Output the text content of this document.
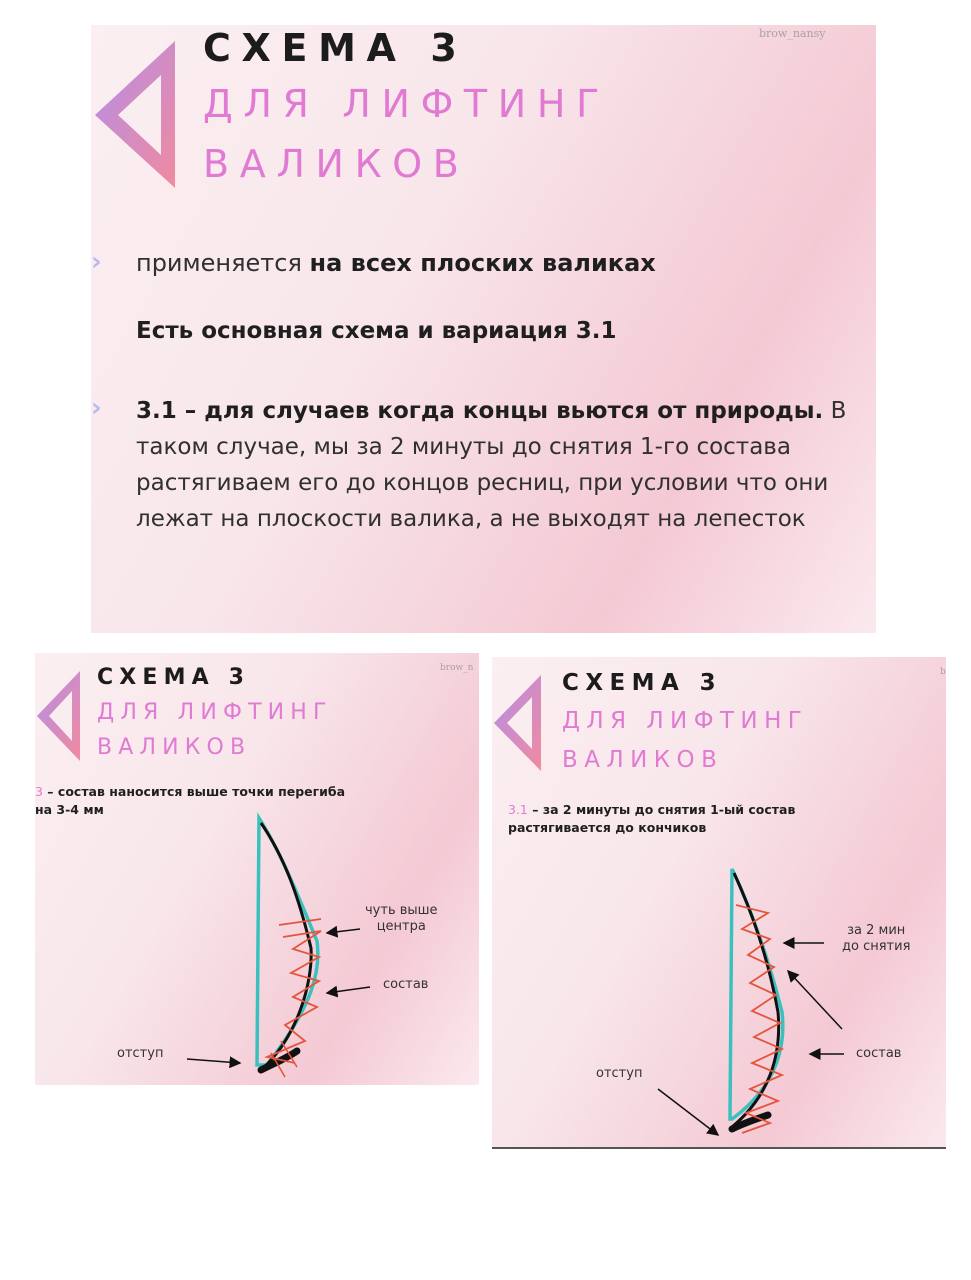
brow_nansy
СХЕМА 3
ДЛЯ ЛИФТИНГ
ВАЛИКОВ
› применяется на всех плоских валиках
Есть основная схема и вариация 3.1
› 3.1 – для случаев когда концы вьются от природы. В таком случае, мы за 2 минуты до снятия 1-го состава растягиваем его до концов ресниц, при условии что они лежат на плоскости валика, а не выходят на лепесток
brow_n
СХЕМА 3
ДЛЯ ЛИФТИНГ
ВАЛИКОВ
3 – состав наносится выше точки перегиба
на 3-4 мм
чуть выше
центра
состав
отступ
b
СХЕМА 3
ДЛЯ ЛИФТИНГ
ВАЛИКОВ
3.1 – за 2 минуты до снятия 1-ый состав
растягивается до кончиков
за 2 мин
до снятия
состав
отступ
